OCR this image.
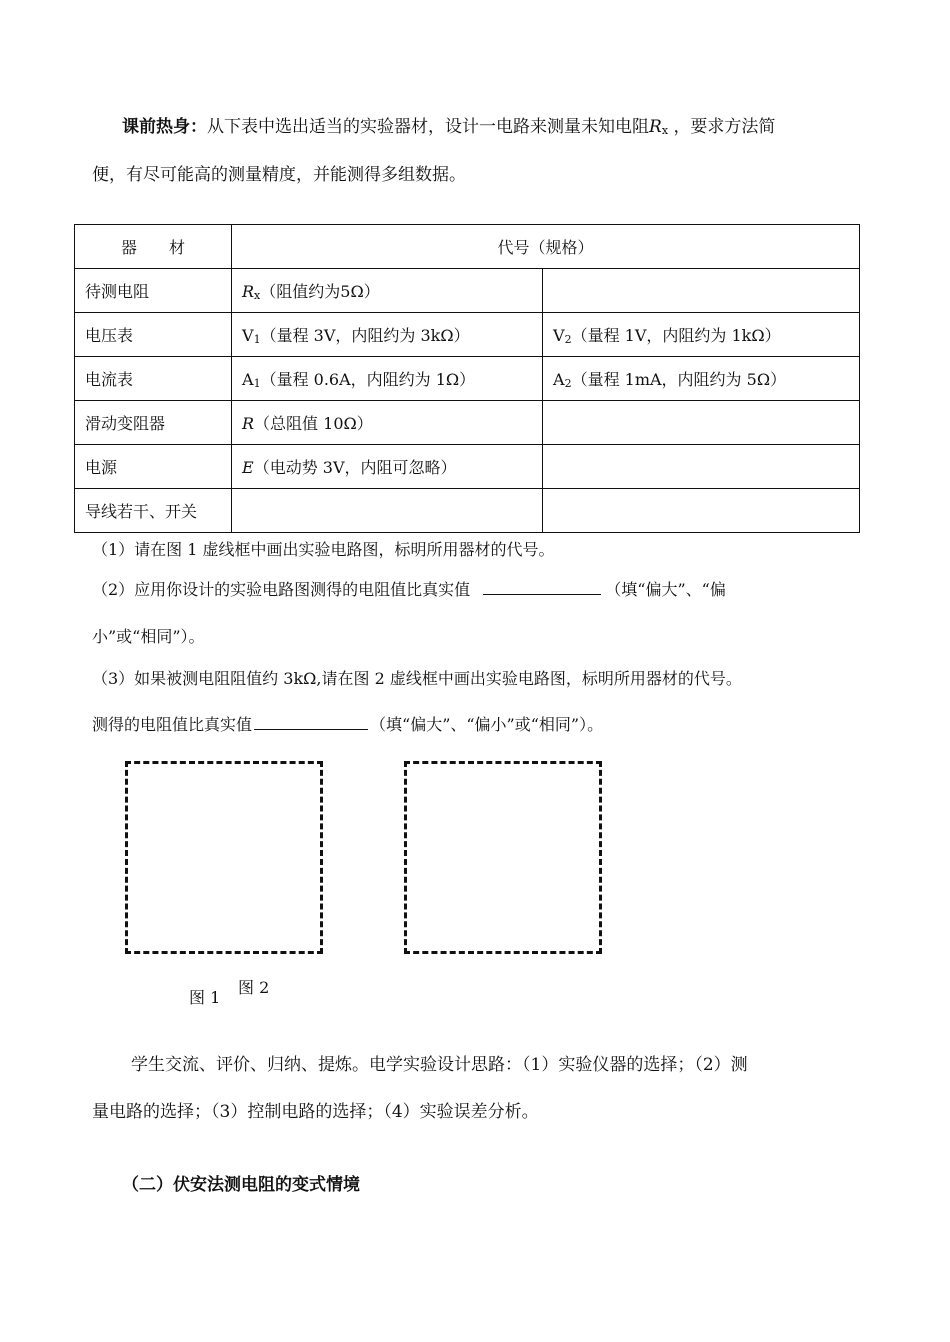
课前热身：从下表中选出适当的实验器材，设计一电路来测量未知电阻$R_x$ ，要求方法简
便，有尽可能高的测量精度，并能测得多组数据。
器　　材	代号（规格）	
待测电阻	$R_x$（阻值约为5Ω）	
电压表	$V_1$（量程 3V，内阻约为 3kΩ）	$V_2$（量程 1V，内阻约为 1kΩ）
电流表	$A_1$（量程 0.6A，内阻约为 1Ω）	$A_2$（量程 1mA，内阻约为 5Ω）
滑动变阻器	R（总阻值 10Ω）	
电源	E（电动势 3V，内阻可忽略）	
导线若干、开关		
（1）请在图 1 虚线框中画出实验电路图，标明所用器材的代号。
（2）应用你设计的实验电路图测得的电阻值比真实值	（填“偏大”、“偏
小”或“相同”）。
（3）如果被测电阻阻值约 3kΩ,请在图 2 虚线框中画出实验电路图，标明所用器材的代号。
测得的电阻值比真实值	（填“偏大”、“偏小”或“相同”）。
图 1
图 2
学生交流、评价、归纳、提炼。电学实验设计思路：（1）实验仪器的选择；（2）测
量电路的选择；（3）控制电路的选择；（4）实验误差分析。
（二）伏安法测电阻的变式情境
